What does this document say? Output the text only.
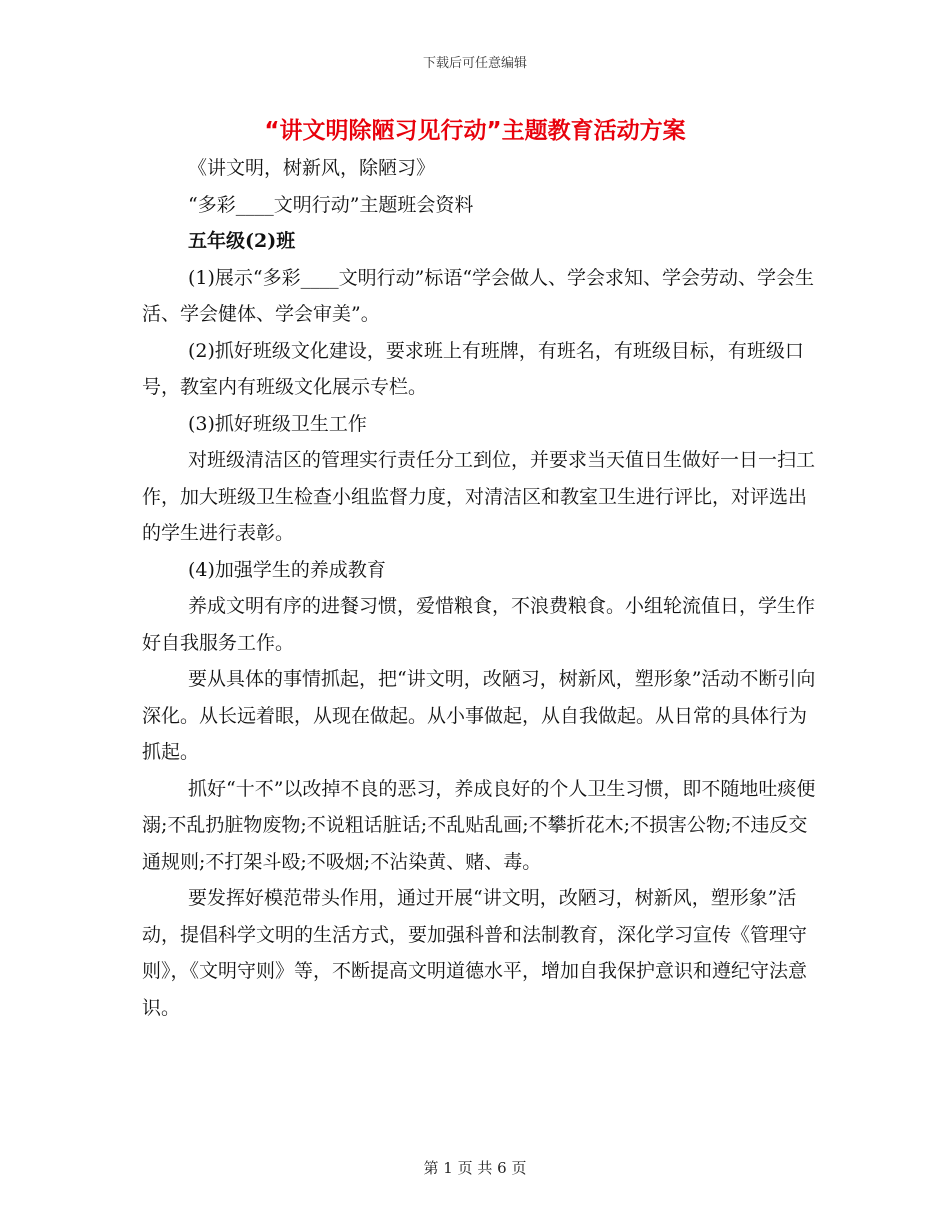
下载后可任意编辑
“讲文明除陋习见行动”主题教育活动方案

《讲文明，树新风，除陋习》

“多彩____文明行动”主题班会资料

五年级(2)班

(1)展示“多彩____文明行动”标语“学会做人、学会求知、学会劳动、学会生活、学会健体、学会审美”。

(2)抓好班级文化建设，要求班上有班牌，有班名，有班级目标，有班级口号，教室内有班级文化展示专栏。

(3)抓好班级卫生工作

对班级清洁区的管理实行责任分工到位，并要求当天值日生做好一日一扫工作，加大班级卫生检查小组监督力度，对清洁区和教室卫生进行评比，对评选出的学生进行表彰。

(4)加强学生的养成教育

养成文明有序的进餐习惯，爱惜粮食，不浪费粮食。小组轮流值日，学生作好自我服务工作。

要从具体的事情抓起，把“讲文明，改陋习，树新风，塑形象”活动不断引向深化。从长远着眼，从现在做起。从小事做起，从自我做起。从日常的具体行为抓起。

抓好“十不”以改掉不良的恶习，养成良好的个人卫生习惯，即不随地吐痰便溺;不乱扔脏物废物;不说粗话脏话;不乱贴乱画;不攀折花木;不损害公物;不违反交通规则;不打架斗殴;不吸烟;不沾染黄、赌、毒。

要发挥好模范带头作用，通过开展“讲文明，改陋习，树新风，塑形象”活动，提倡科学文明的生活方式，要加强科普和法制教育，深化学习宣传《管理守则》，《文明守则》等，不断提高文明道德水平，增加自我保护意识和遵纪守法意识。

第 1 页 共 6 页
